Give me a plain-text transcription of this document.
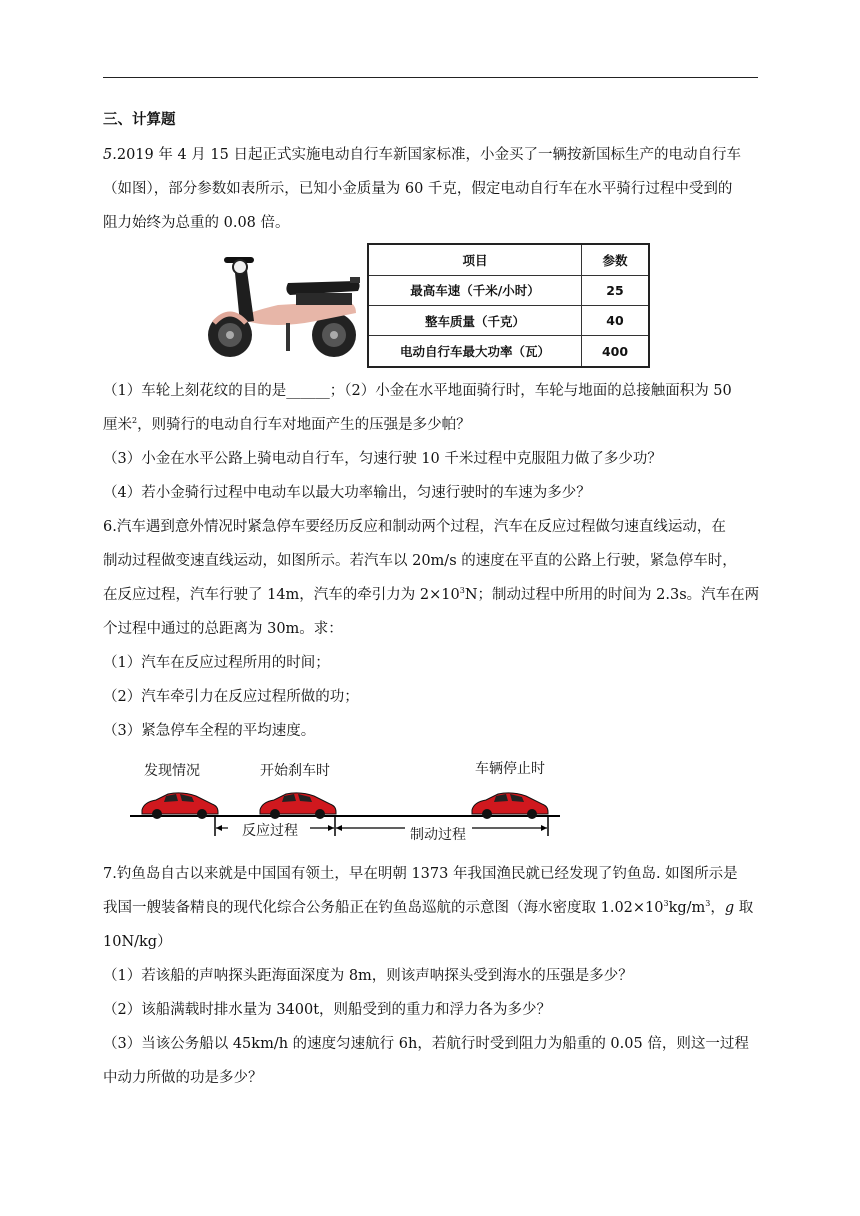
三、计算题
5.2019 年 4 月 15 日起正式实施电动自行车新国家标准，小金买了一辆按新国标生产的电动自行车
（如图），部分参数如表所示，已知小金质量为 60 千克，假定电动自行车在水平骑行过程中受到的
阻力始终为总重的 0.08 倍。
项目	参数
最高车速（千米/小时）	25
整车质量（千克）	40
电动自行车最大功率（瓦）	400
（1）车轮上刻花纹的目的是______；（2）小金在水平地面骑行时，车轮与地面的总接触面积为 50
厘米$^2$，则骑行的电动自行车对地面产生的压强是多少帕？
（3）小金在水平公路上骑电动自行车，匀速行驶 10 千米过程中克服阻力做了多少功？
（4）若小金骑行过程中电动车以最大功率输出，匀速行驶时的车速为多少？
6.汽车遇到意外情况时紧急停车要经历反应和制动两个过程，汽车在反应过程做匀速直线运动，在
制动过程做变速直线运动，如图所示。若汽车以 20m/s 的速度在平直的公路上行驶，紧急停车时，
在反应过程，汽车行驶了 14m，汽车的牵引力为 $2\times 10^3N$；制动过程中所用的时间为 2.3s。汽车在两
个过程中通过的总距离为 30m。求：
（1）汽车在反应过程所用的时间；
（2）汽车牵引力在反应过程所做的功；
（3）紧急停车全程的平均速度。
发现情况	开始刹车时	车辆停止时
反应过程	制动过程
7.钓鱼岛自古以来就是中国国有领土，早在明朝 1373 年我国渔民就已经发现了钓鱼岛. 如图所示是
我国一艘装备精良的现代化综合公务船正在钓鱼岛巡航的示意图（海水密度取 $1.02\times 10^3kg/m^3$，g 取
10N/kg）
（1）若该船的声呐探头距海面深度为 8m，则该声呐探头受到海水的压强是多少？
（2）该船满载时排水量为 3400t，则船受到的重力和浮力各为多少？
（3）当该公务船以 45km/h 的速度匀速航行 6h，若航行时受到阻力为船重的 0.05 倍，则这一过程
中动力所做的功是多少？
